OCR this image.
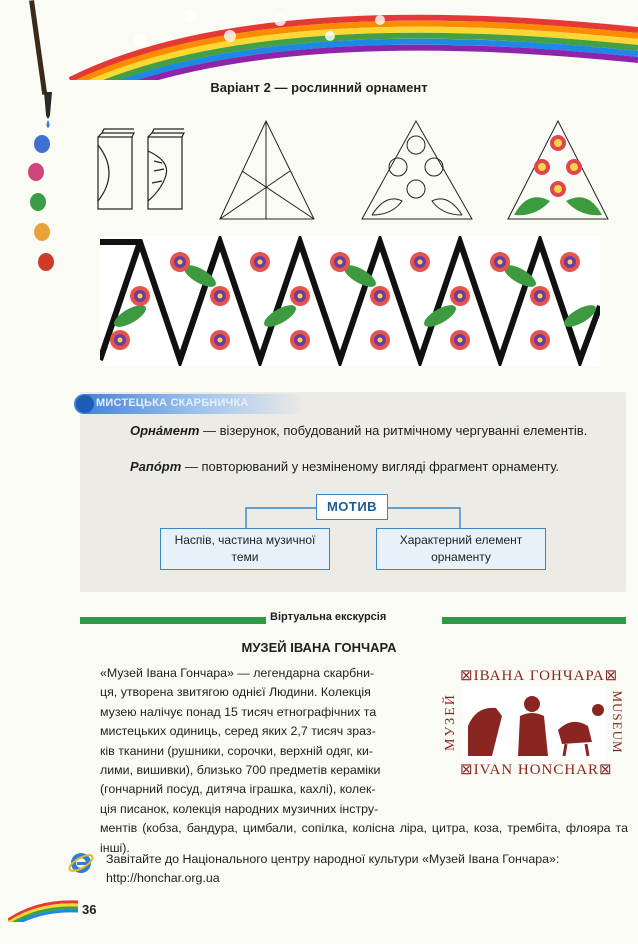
Варіант 2 — рослинний орнамент
МИСТЕЦЬКА СКАРБНИЧКА
Орна́мент — візерунок, побудований на ритмічному чергуванні елементів.
Рапо́рт — повторюваний у незміненому вигляді фрагмент орнаменту.
МОТИВ
Наспів, частина музичної теми
Характерний елемент орнаменту
Віртуальна екскурсія
МУЗЕЙ ІВАНА ГОНЧАРА
«Музей Івана Гончара» — легендарна скарбни-
ця, утворена звитягою однієї Людини. Колекція
музею налічує понад 15 тисяч етнографічних та
мистецьких одиниць, серед яких 2,7 тисяч зраз-
ків тканини (рушники, сорочки, верхній одяг, ки-
лими, вишивки), близько 700 предметів кераміки
(гончарний посуд, дитяча іграшка, кахлі), колек-
ція писанок, колекція народних музичних інстру-
ментів (кобза, бандура, цимбали, сопілка, колісна ліра, цитра, коза, трембіта, флояра та інші).
⊠ІВАНА ГОНЧАРА⊠
МУЗЕЙ	MUSEUM
⊠IVAN HONCHAR⊠
Завітайте до Національного центру народної культури «Музей Івана Гончара»: http://honchar.org.ua
36
